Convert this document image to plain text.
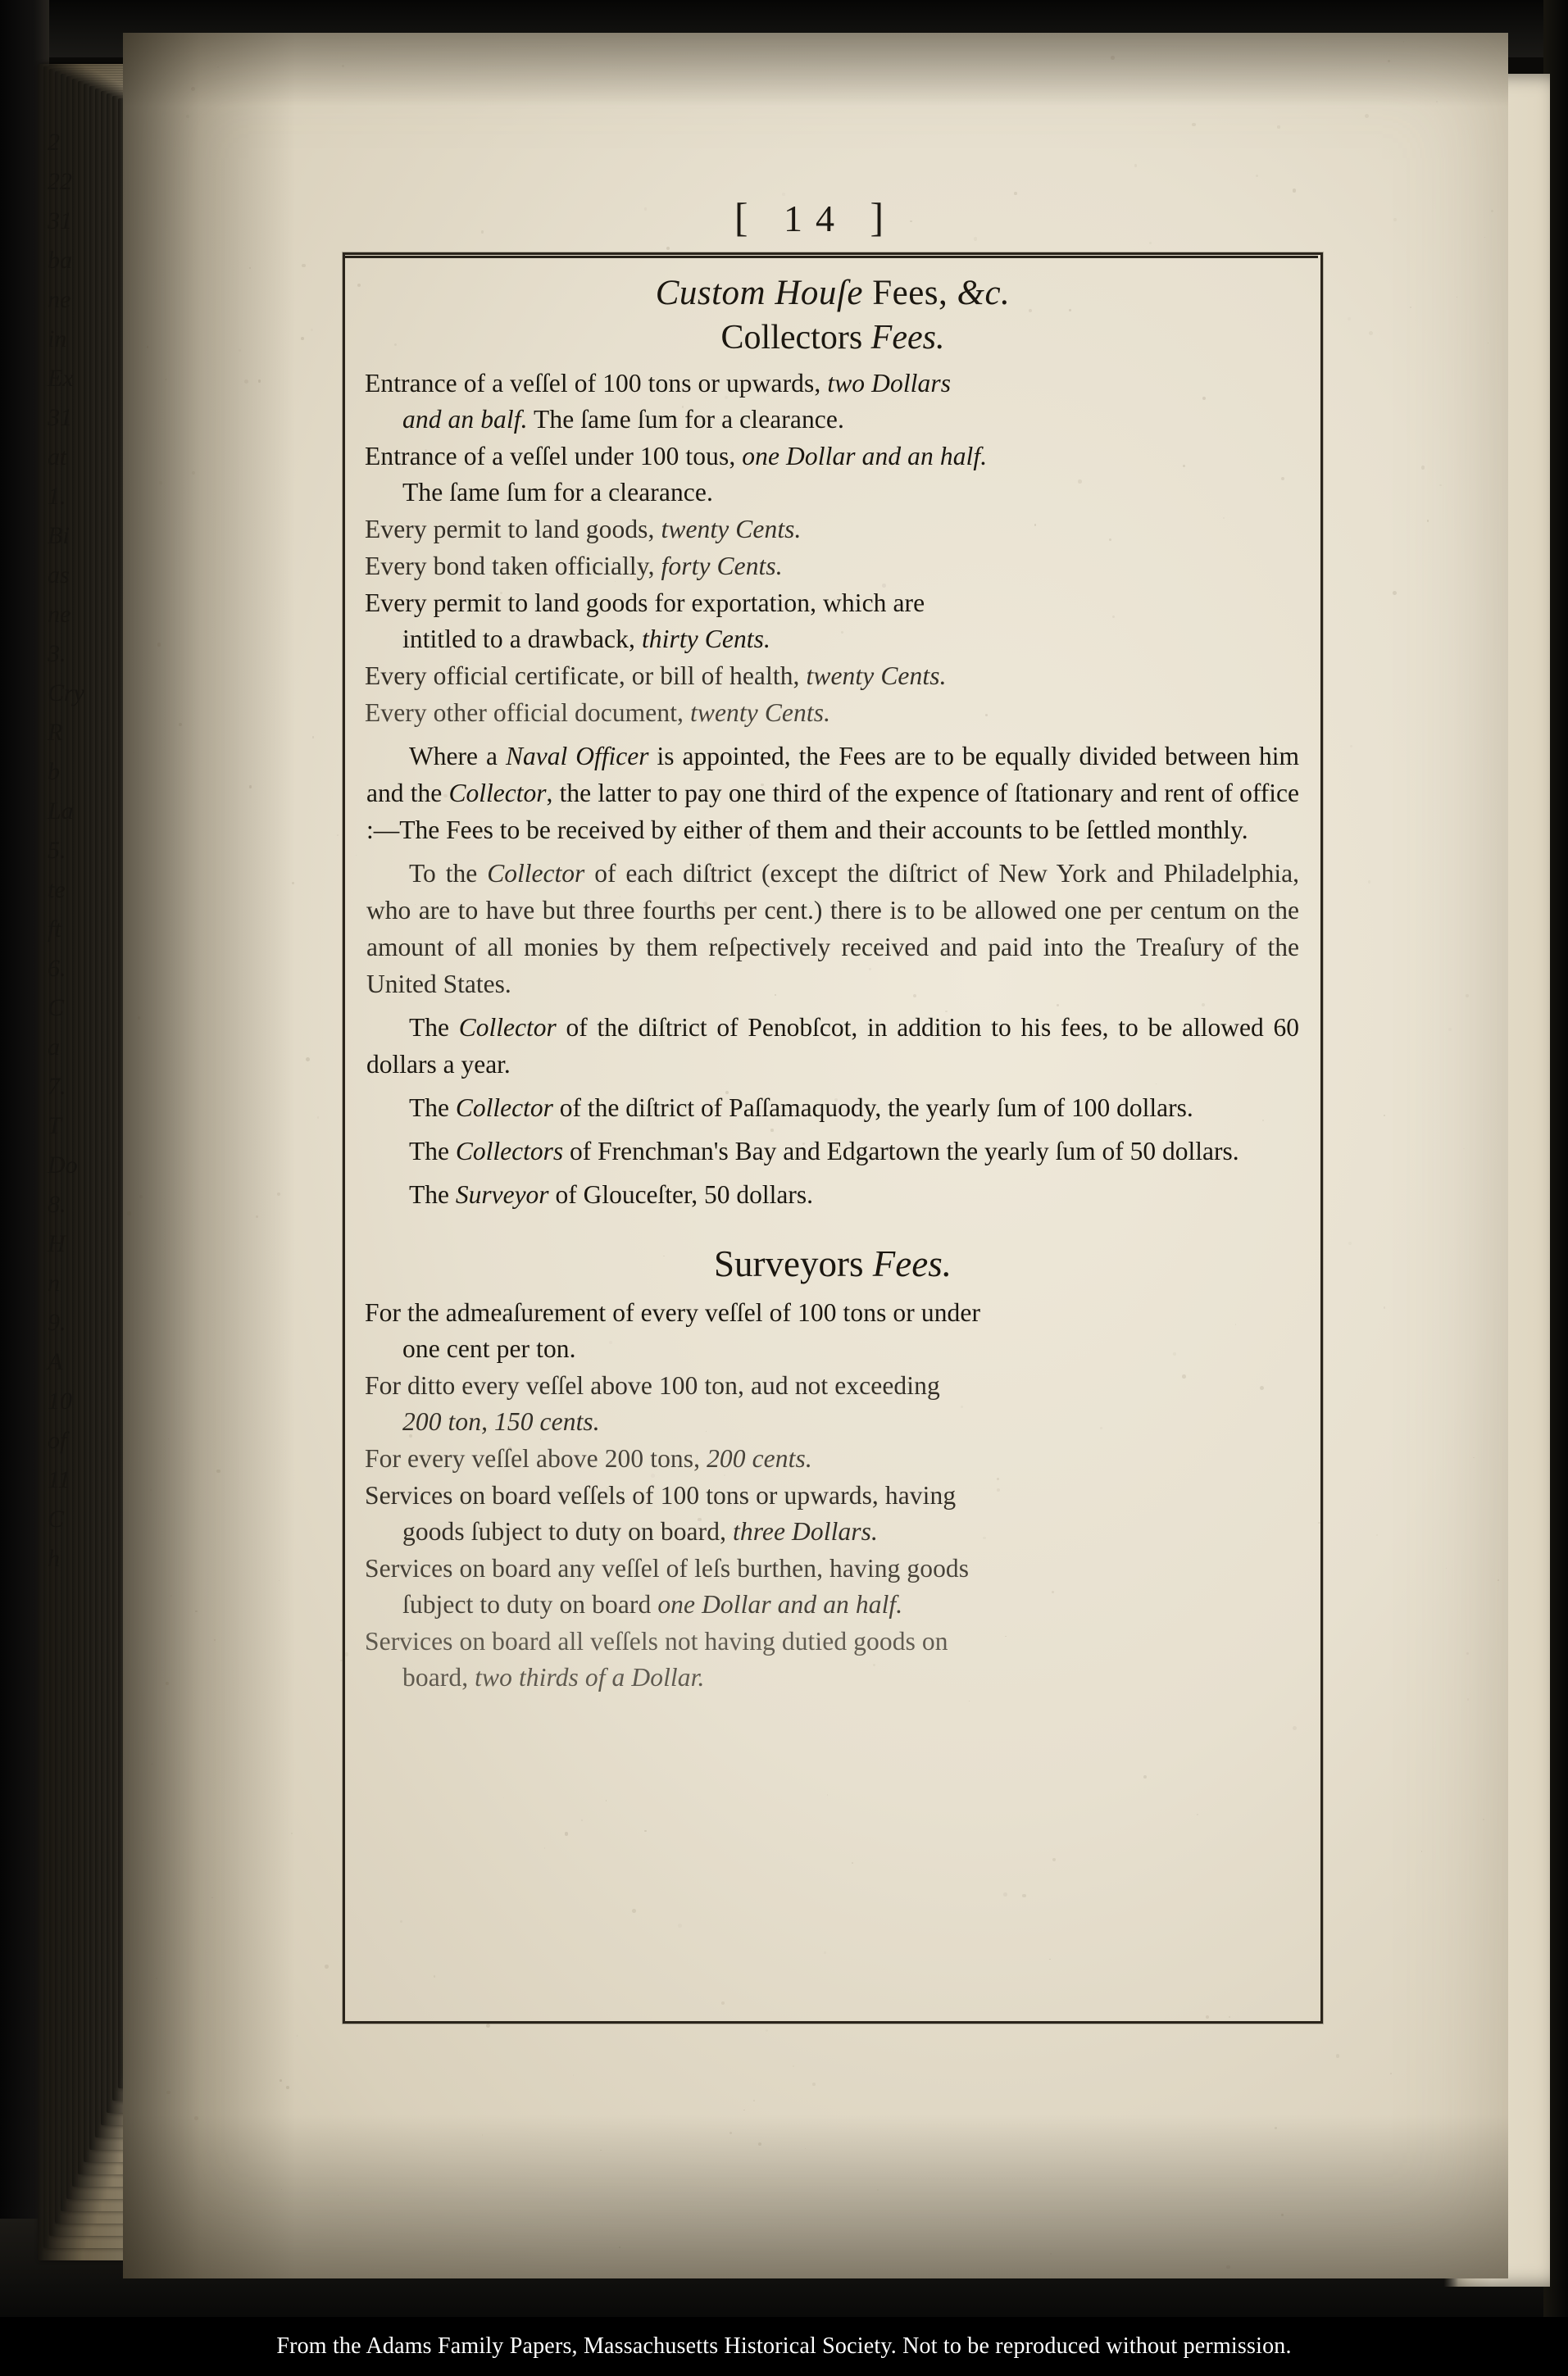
2
22
31
ba
ne
in
Ex
31
at
1.
Bi
as
ne
3.
Cry
R
b
La
5.
te
ft
6.
C
a
7.
T
Do
8.
H
n
9.
A
10
of
11
C
h
[ 14 ]
Custom Houſe Fees, &c.
Collectors Fees.
Entrance of a veſſel of 100 tons or upwards, two Dollars
and an balf. The ſame ſum for a clearance.
Entrance of a veſſel under 100 tous, one Dollar and an half.
The ſame ſum for a clearance.
Every permit to land goods, twenty Cents.
Every bond taken officially, forty Cents.
Every permit to land goods for exportation, which are
intitled to a drawback, thirty Cents.
Every official certificate, or bill of health, twenty Cents.
Every other official document, twenty Cents.
Where a Naval Officer is appointed, the Fees are to be equally divided between him and the Collector, the latter to pay one third of the expence of ſtationary and rent of office :—The Fees to be received by either of them and their accounts to be ſettled monthly.
To the Collector of each diſtrict (except the diſtrict of New York and Philadelphia, who are to have but three fourths per cent.) there is to be allowed one per centum on the amount of all monies by them reſpectively received and paid into the Treaſury of the United States.
The Collector of the diſtrict of Penobſcot, in addition to his fees, to be allowed 60 dollars a year.
The Collector of the diſtrict of Paſſamaquody, the yearly ſum of 100 dollars.
The Collectors of Frenchman's Bay and Edgartown the yearly ſum of 50 dollars.
The Surveyor of Glouceſter, 50 dollars.
Surveyors Fees.
For the admeaſurement of every veſſel of 100 tons or under
one cent per ton.
For ditto every veſſel above 100 ton, aud not exceeding
200 ton, 150 cents.
For every veſſel above 200 tons, 200 cents.
Services on board veſſels of 100 tons or upwards, having
goods ſubject to duty on board, three Dollars.
Services on board any veſſel of leſs burthen, having goods
ſubject to duty on board one Dollar and an half.
Services on board all veſſels not having dutied goods on
board, two thirds of a Dollar.
From the Adams Family Papers, Massachusetts Historical Society. Not to be reproduced without permission.
